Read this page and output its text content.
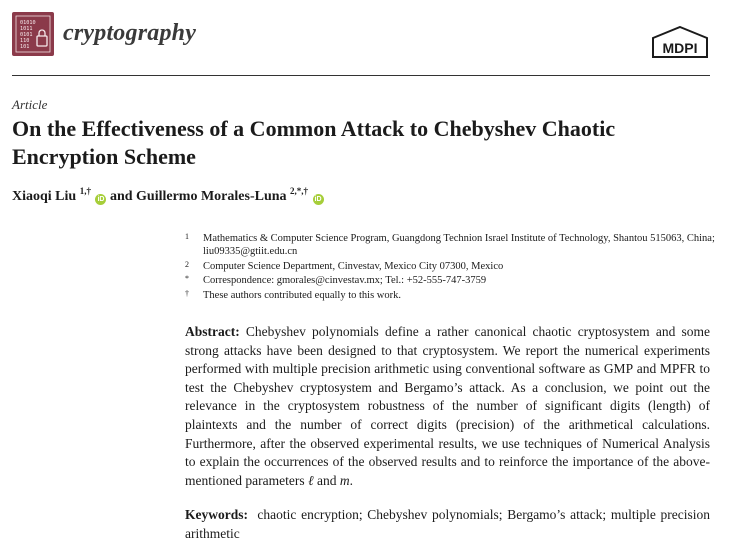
01010
1011
0101
110
101
cryptography
MDPI
Article
On the Effectiveness of a Common Attack to Chebyshev Chaotic Encryption Scheme
Xiaoqi Liu $^{1,\dagger}$ iD and Guillermo Morales-Luna $^{2,*,\dagger}$ iD
1 Mathematics & Computer Science Program, Guangdong Technion Israel Institute of Technology, Shantou 515063, China; liu09335@gtiit.edu.cn
2 Computer Science Department, Cinvestav, Mexico City 07300, Mexico
* Correspondence: gmorales@cinvestav.mx; Tel.: +52-555-747-3759
† These authors contributed equally to this work.
Abstract: Chebyshev polynomials define a rather canonical chaotic cryptosystem and some strong attacks have been designed to that cryptosystem. We report the numerical experiments performed with multiple precision arithmetic using conventional software as GMP and MPFR to test the Chebyshev cryptosystem and Bergamo’s attack. As a conclusion, we point out the relevance in the cryptosystem robustness of the number of significant digits (length) of plaintexts and the number of correct digits (precision) of the arithmetical calculations. Furthermore, after the observed experimental results, we use techniques of Numerical Analysis to explain the occurrences of the observed results and to reinforce the importance of the above-mentioned parameters ℓ and m.
Keywords: chaotic encryption; Chebyshev polynomials; Bergamo’s attack; multiple precision arithmetic
